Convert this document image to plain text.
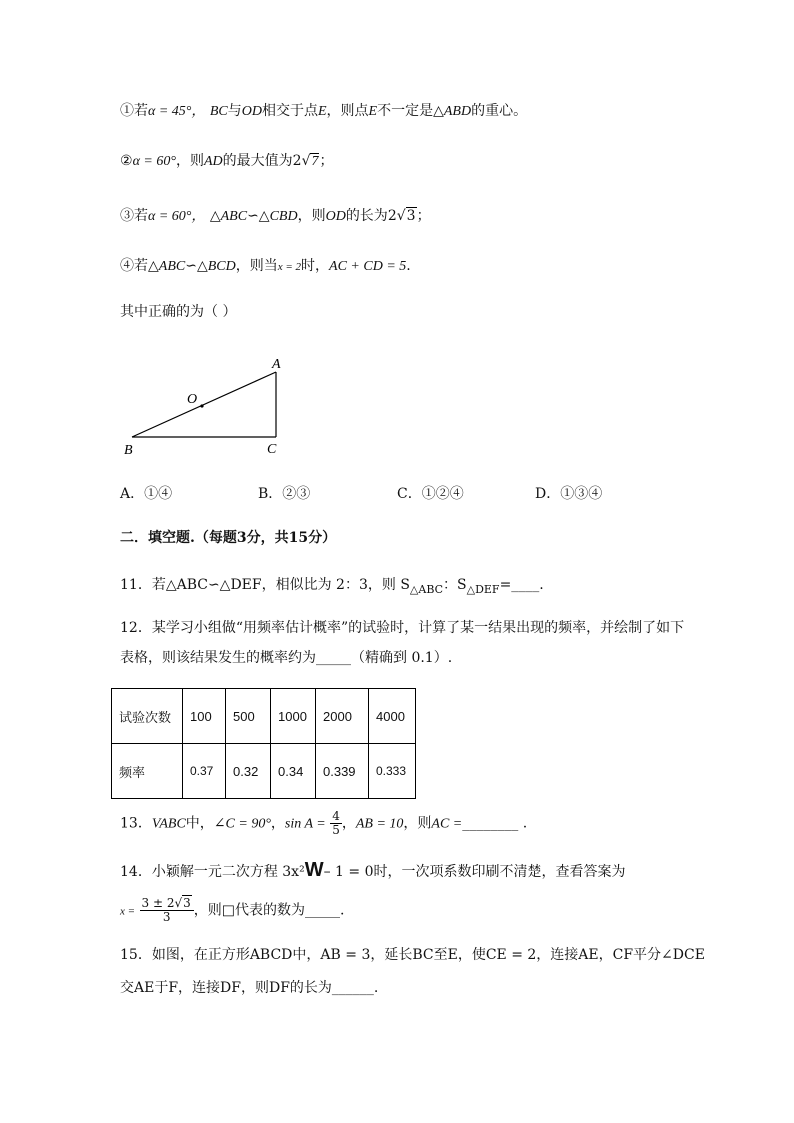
①若α = 45°， BC与OD相交于点E，则点E不一定是△ABD的重心。
②α = 60°，则AD的最大值为2√7；
③若α = 60°， △ABC∽△CBD，则OD的长为2√3；
④若△ABC∽△BCD，则当x = 2时，AC + CD = 5.
其中正确的为（ ）
A
B	C
O
A．①④	B．②③	C．①②④	D．①③④
二．填空题.（每题3分，共15分）
11．若△ABC∽△DEF，相似比为 2：3，则 $S_{\triangle ABC}$：$S_{\triangle DEF}=\_\_\_\_$.
12．某学习小组做“用频率估计概率”的试验时，计算了某一结果出现的频率，并绘制了如下
表格，则该结果发生的概率约为_____（精确到 0.1）.
试验次数	100	500	1000	2000	4000
频率	0.37	0.32	0.34	0.339	0.333
13．VABC中，∠C = 90°，$\sin A = \frac{4}{5}$ ，AB = 10，则AC =________ .
14．小颖解一元二次方程 3x²W– 1 = 0时，一次项系数印刷不清楚，查看答案为
$x = \frac{3 \pm 2√3}{3}$ ，则□代表的数为_____.
15．如图，在正方形ABCD中，AB = 3，延长BC至E，使CE = 2，连接AE，CF平分∠DCE
交AE于F，连接DF，则DF的长为______.
